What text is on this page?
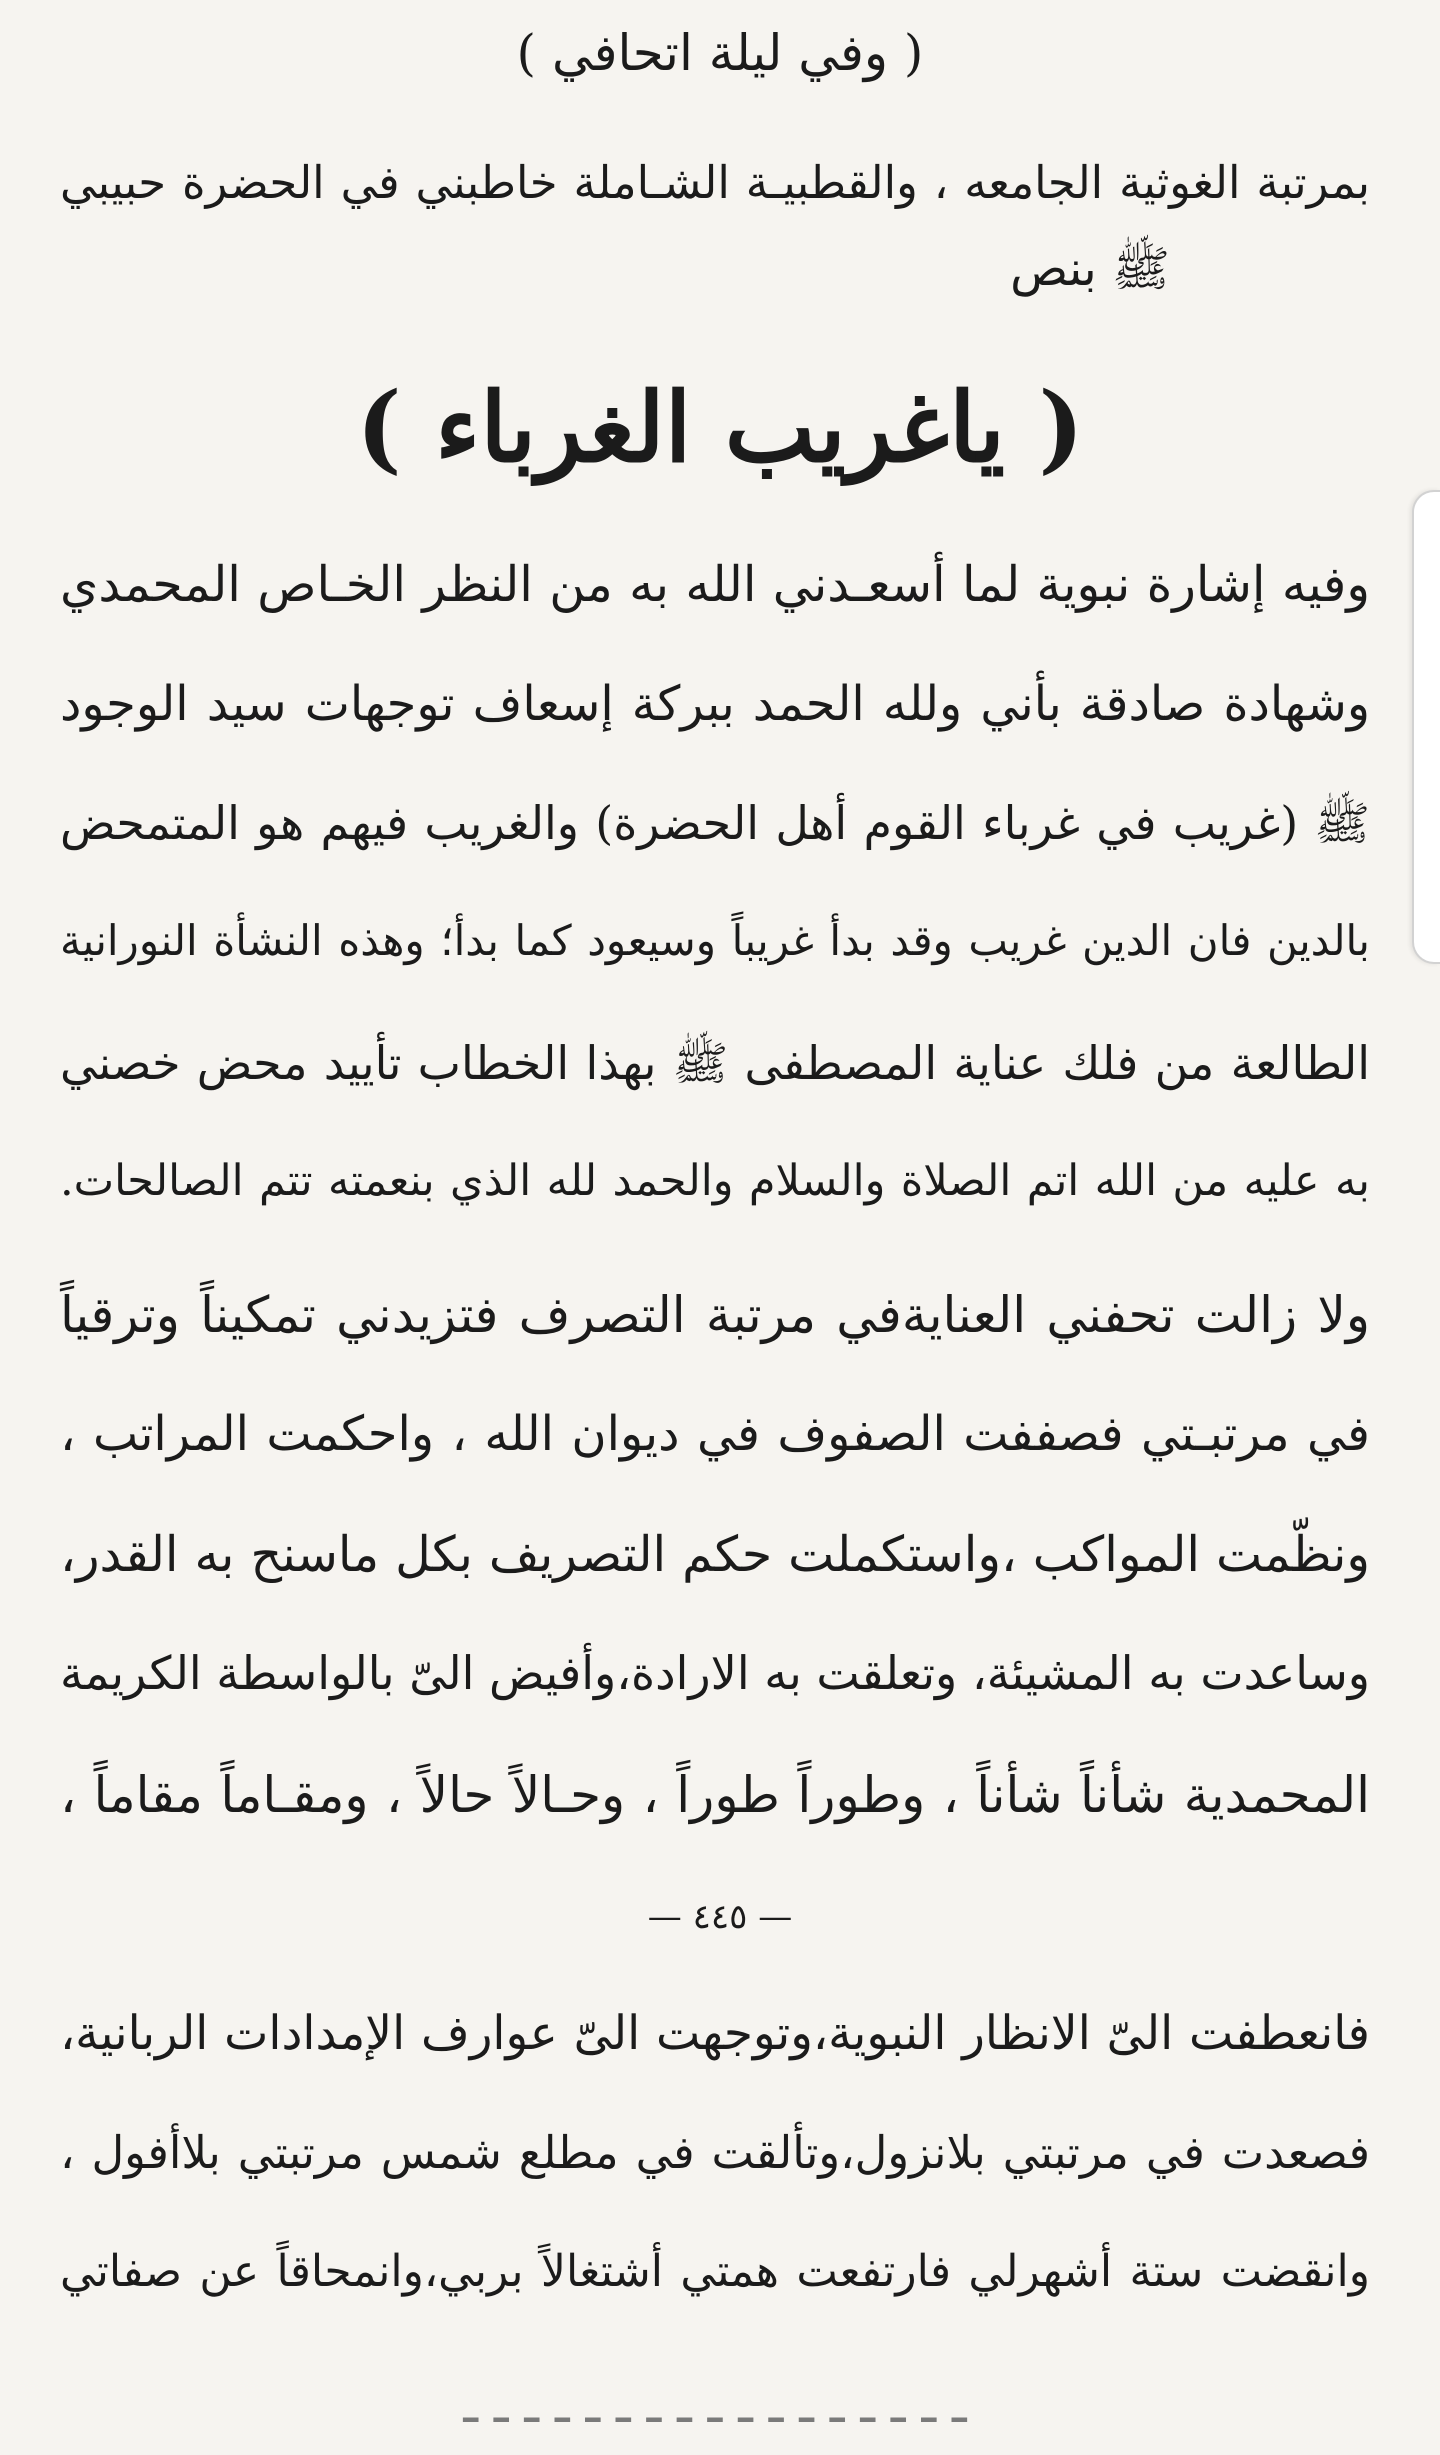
( وفي ليلة اتحافي )
بمرتبة الغوثية الجامعه ، والقطبيـة الشـاملة خاطبني في الحضرة حبيبي
ﷺ بنص
( ياغريب الغرباء )
وفيه إشارة نبوية لما أسعـدني الله به من النظر الخـاص المحمدي
وشهادة صادقة بأني ولله الحمد ببركة إسعاف توجهات سيد الوجود
ﷺ (غريب في غرباء القوم أهل الحضرة) والغريب فيهم هو المتمحض
بالدين فان الدين غريب وقد بدأ غريباً وسيعود كما بدأ؛ وهذه النشأة النورانية
الطالعة من فلك عناية المصطفى ﷺ بهذا الخطاب تأييد محض خصني
به عليه من الله اتم الصلاة والسلام والحمد لله الذي بنعمته تتم الصالحات.
ولا زالت تحفني العنايةفي مرتبة التصرف فتزيدني تمكيناً وترقياً
في مرتبـتي فصففت الصفوف في ديوان الله ، واحكمت المراتب ،
ونظّمت المواكب ،واستكملت حكم التصريف بكل ماسنح به القدر،
وساعدت به المشيئة، وتعلقت به الارادة،وأفيض الىّ بالواسطة الكريمة
المحمدية شأناً شأناً ، وطوراً طوراً ، وحـالاً حالاً ، ومقـاماً مقاماً ،
— ٤٤٥ —
فانعطفت الىّ الانظار النبوية،وتوجهت الىّ عوارف الإمدادات الربانية،
فصعدت في مرتبتي بلانزول،وتألقت في مطلع شمس مرتبتي بلاأفول ،
وانقضت ستة أشهرلي فارتفعت همتي أشتغالاً بربي،وانمحاقاً عن صفاتي
ـ ـ ـ ـ ـ ـ ـ ـ ـ ـ ـ ـ ـ ـ ـ ـ ـ
